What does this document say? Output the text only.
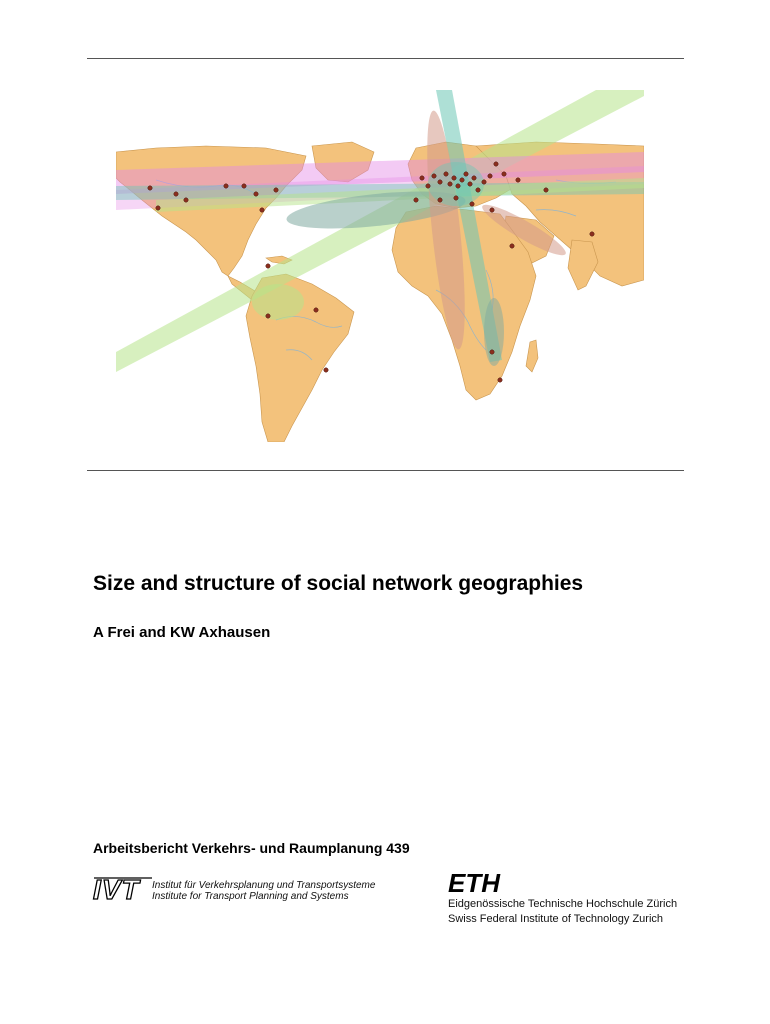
Size and structure of social network geographies
A Frei and KW Axhausen
Arbeitsbericht Verkehrs- und Raumplanung 439
IVT Institut für Verkehrsplanung und Transportsysteme
Institute for Transport Planning and Systems	ETH
Eidgenössische Technische Hochschule Zürich
Swiss Federal Institute of Technology Zurich
